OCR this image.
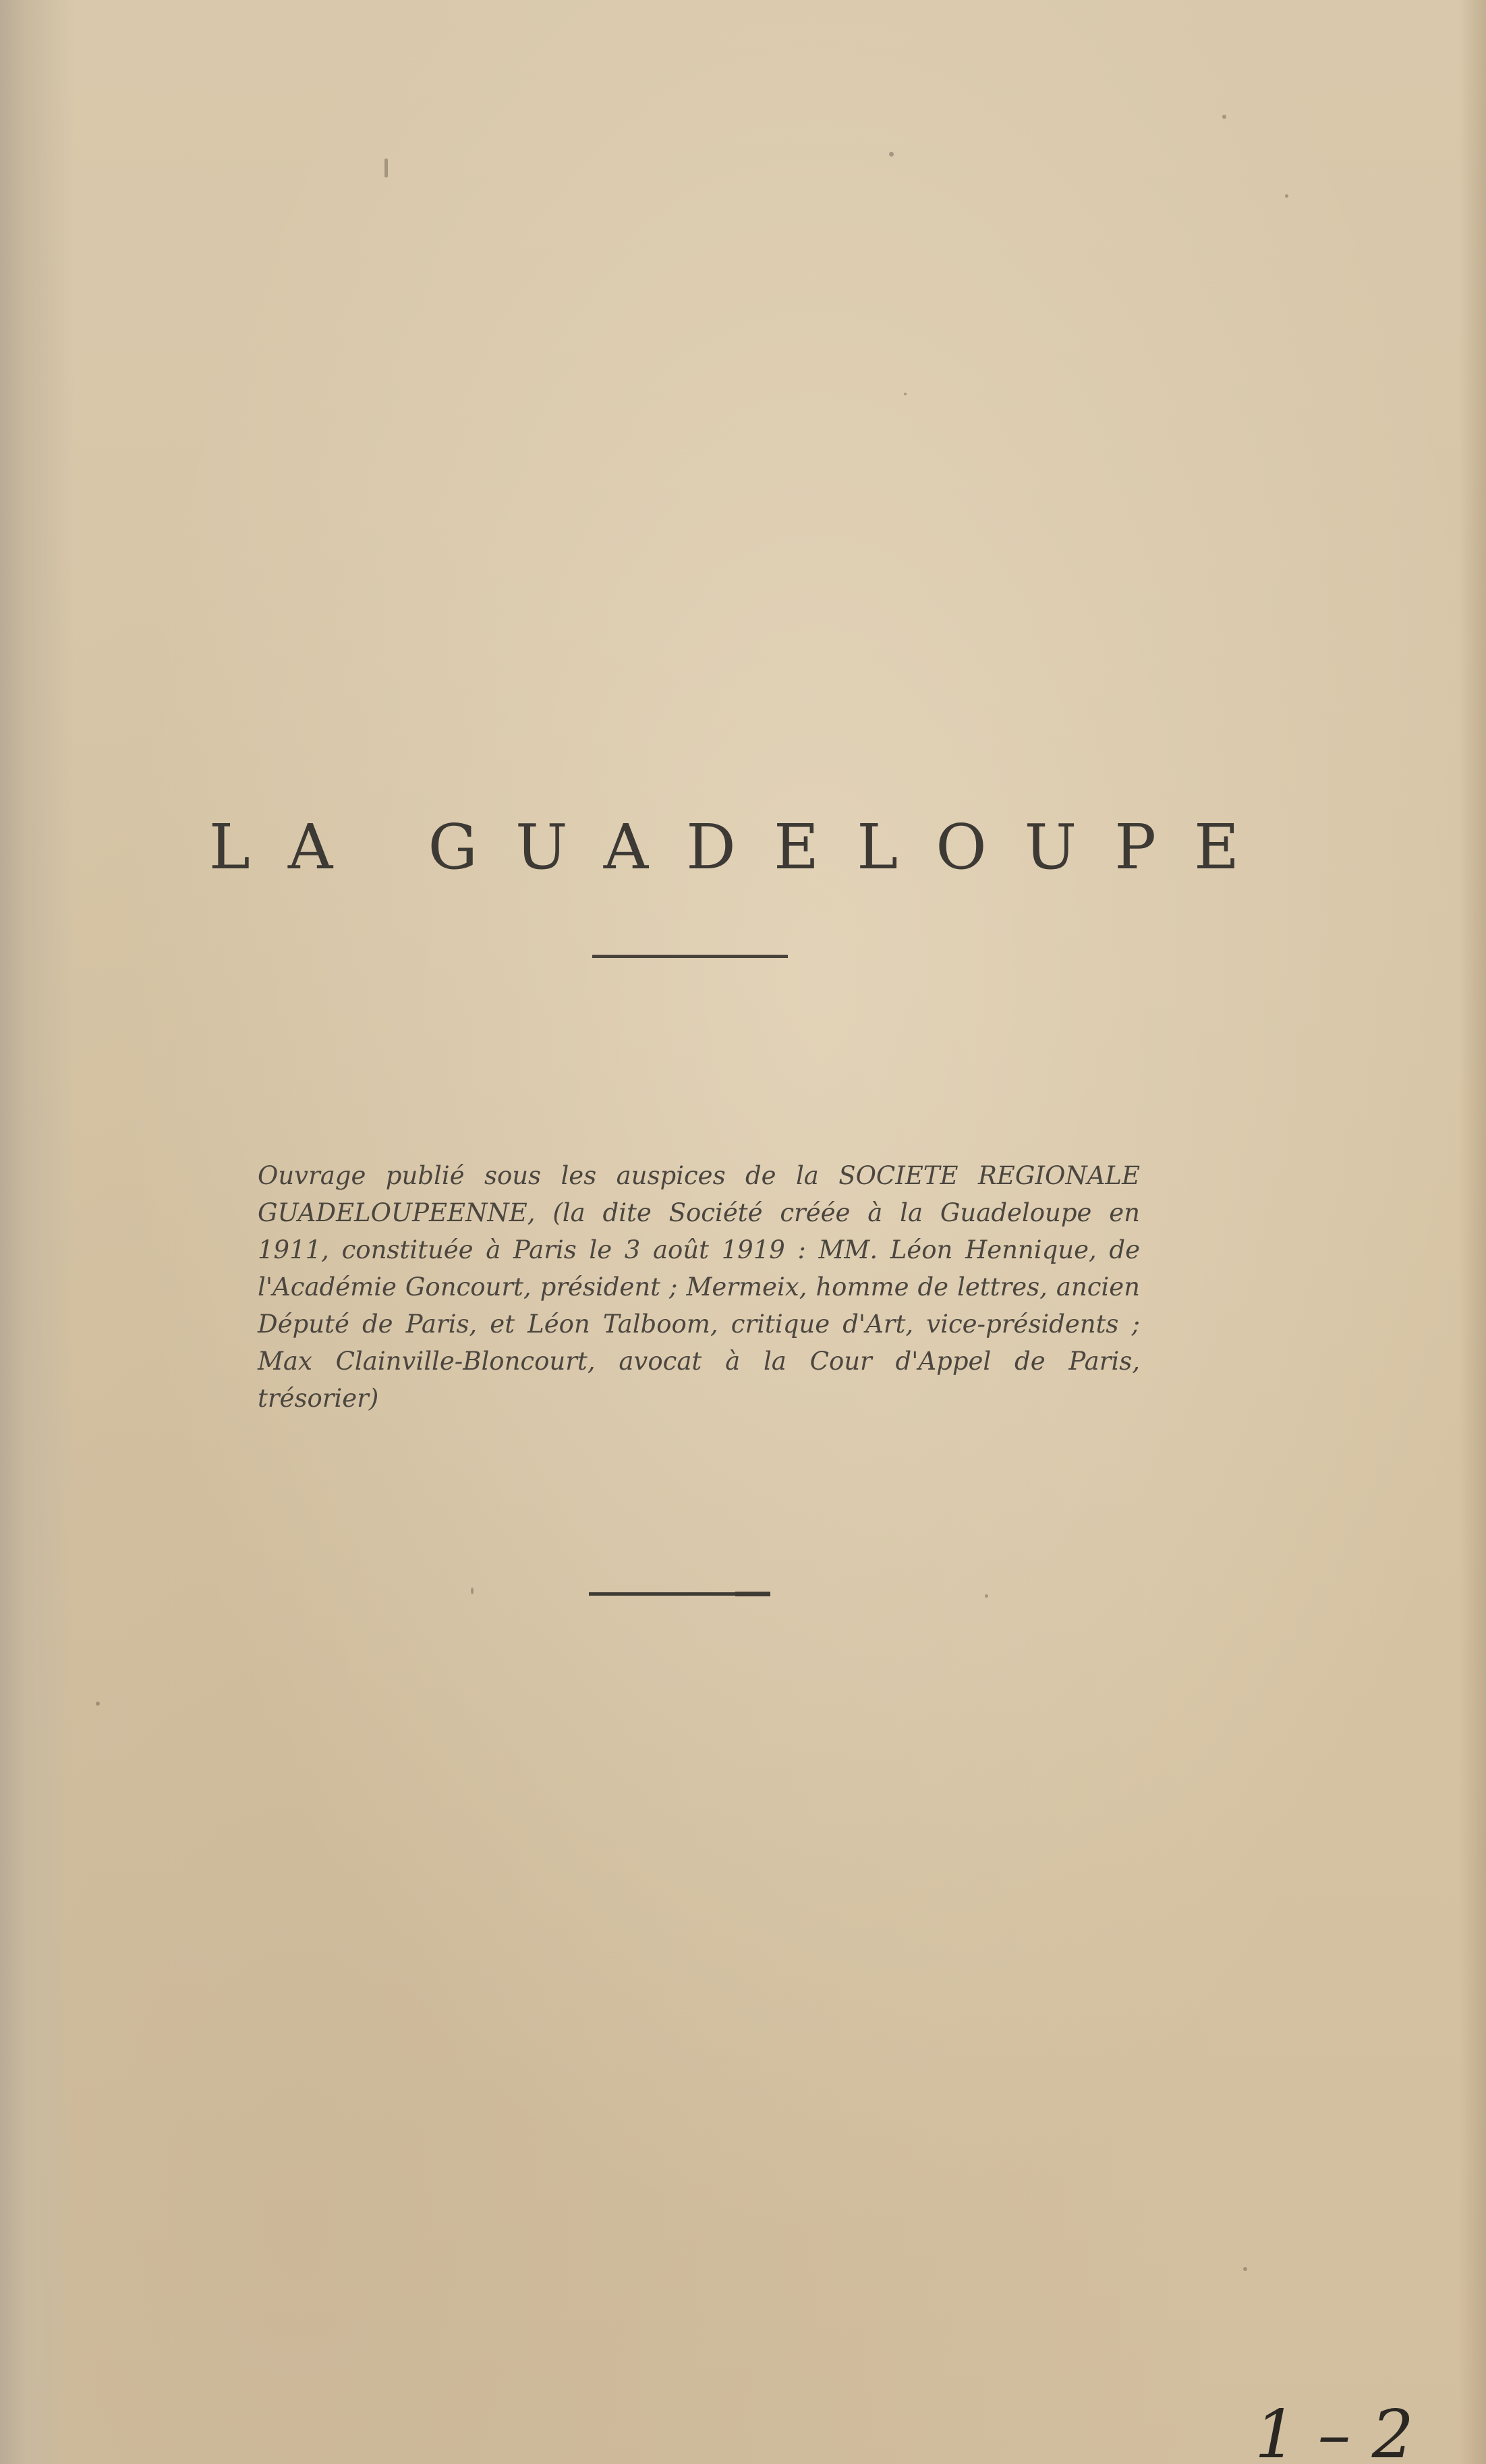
LA GUADELOUPE

Ouvrage publié sous les auspices de la SOCIETE REGIONALE GUADELOUPEENNE, (la dite Société créée à la Guadeloupe en 1911, constituée à Paris le 3 août 1919 : MM. Léon Hennique, de l'Académie Goncourt, président ; Mermeix, homme de lettres, ancien Député de Paris, et Léon Talboom, critique d'Art, vice-présidents ; Max Clainville-Bloncourt, avocat à la Cour d'Appel de Paris, trésorier)

1 – 2
